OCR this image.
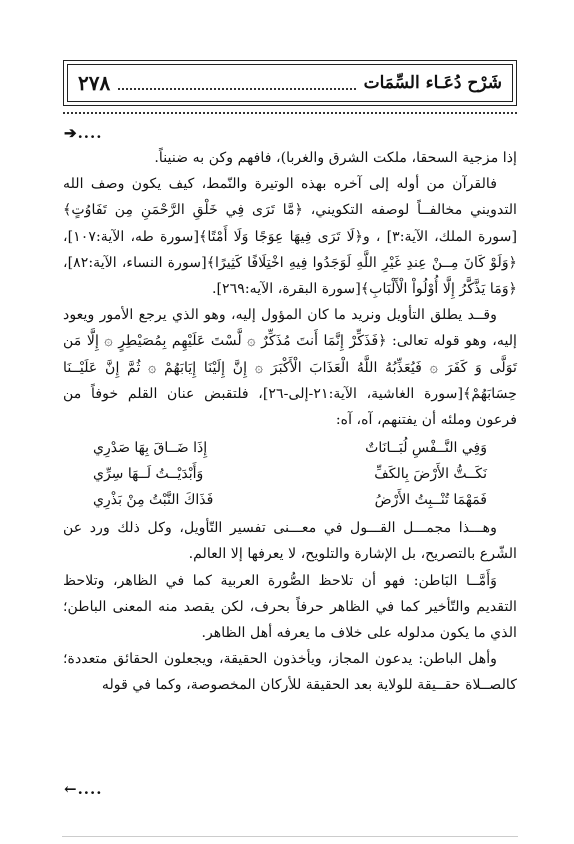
٢٧٨	شَرْح دُعَـاء السِّمَات
➔....

إذا مزجية السحقا، ملكت الشرق والغربا)، فافهم وكن به ضنيناً.

فالقرآن من أوله إلى آخره بهذه الوتيرة والنّمط، كيف يكون وصف الله التدويني مخالفــاً لوصفه التكويني، ﴿مَّا تَرَى فِي خَلْقِ الرَّحْمَنِ مِن تَفَاوُتٍ﴾[سورة الملك، الآية:٣] ، و﴿لَا تَرَى فِيهَا عِوَجًا وَلَا أَمْتًا﴾[سورة طه، الآية:١٠٧]، ﴿وَلَوْ كَانَ مِــنْ عِندِ غَيْرِ اللَّهِ لَوَجَدُوا فِيهِ اخْتِلَافًا كَثِيرًا﴾[سورة النساء، الآية:٨٢]، ﴿وَمَا يَذَّكَّرُ إِلَّا أُوْلُواْ الْأَلْبَابِ﴾[سورة البقرة، الآيه:٢٦٩].

وقــد يطلق التأويل ونريد ما كان المؤول إليه، وهو الذي يرجع الأمور ويعود إليه، وهو قوله تعالى: ﴿فَذَكِّرْ إِنَّمَا أَنتَ مُذَكِّرٌ ۞ لَّسْتَ عَلَيْهِم بِمُصَيْطِرٍ ۞ إِلَّا مَن تَوَلَّى وَ كَفَرَ ۞ فَيُعَذِّبُهُ اللَّهُ الْعَذَابَ الْأَكْبَرَ ۞ إِنَّ إِلَيْنَا إِيَابَهُمْ ۞ ثُمَّ إِنَّ عَلَيْــنَا حِسَابَهُمْ﴾[سورة الغاشية، الآية:٢١-إلى-٢٦]، فلتقبض عنان القلم خوفاً من فرعون وملئه أن يفتنهم، آه، آه:

وَفِي النَّــفْسِ لُبَــانَاتٌ
إِذَا ضَــاقَ بِهَا صَدْرِي
نَكَــتُّ الأَرْضَ بِالكَفِّ
وَأَبْدَيْــتُ لَــهَا سِرِّي
فَمَهْمَا تُنْــبِتُ الأَرْضُ
فَذَاكَ النَّبْتُ مِنْ بَذْرِي

وهـــذا مجمـــل القـــول في معـــنى تفسير التّأويل، وكل ذلك ورد عن الشّرع بالتصريح، بل الإشارة والتلويح، لا يعرفها إلا العالم.

وَأَمَّــا البَاطن: فهو أن تلاحظ الصُّورة العربية كما في الظاهر، وتلاحظ التقديم والتّأخير كما في الظاهر حرفاً بحرف، لكن يقصد منه المعنى الباطن؛ الذي ما يكون مدلوله على خلاف ما يعرفه أهل الظاهر.

وأهل الباطن: يدعون المجاز، ويأخذون الحقيقة، ويجعلون الحقائق متعددة؛ كالصــلاة حقــيقة للولاية بعد الحقيقة للأركان المخصوصة، وكما في قوله

←....
